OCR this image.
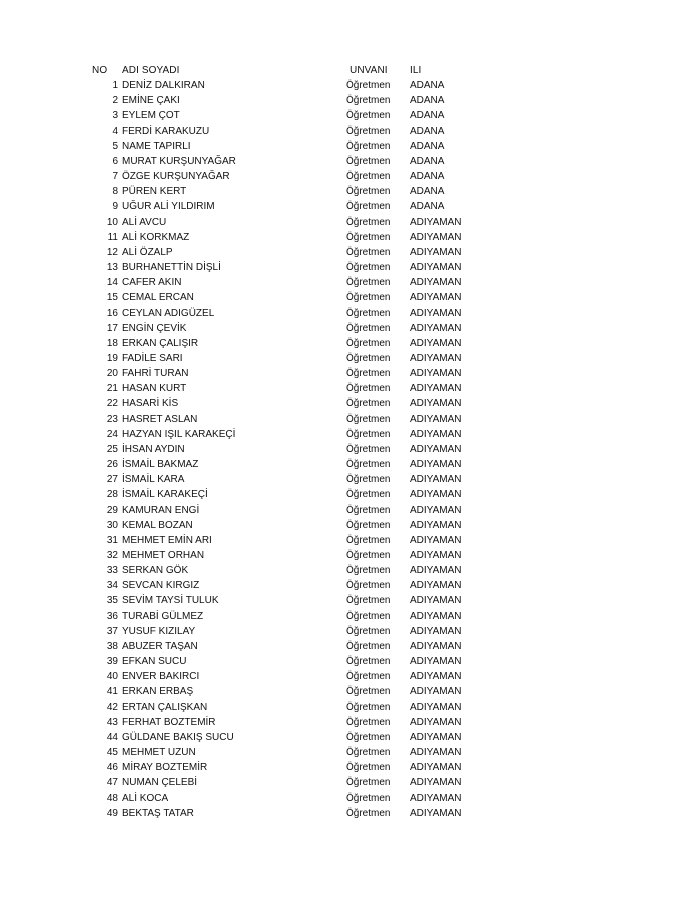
NO ADI SOYADI	UNVANI ILI
1 DENİZ DALKIRAN	Öğretmen ADANA
2 EMİNE ÇAKI	Öğretmen ADANA
3 EYLEM ÇOT	Öğretmen ADANA
4 FERDİ KARAKUZU	Öğretmen ADANA
5 NAME TAPIRLI	Öğretmen ADANA
6 MURAT KURŞUNYAĞAR	Öğretmen ADANA
7 ÖZGE KURŞUNYAĞAR	Öğretmen ADANA
8 PÜREN KERT	Öğretmen ADANA
9 UĞUR ALİ YILDIRIM	Öğretmen ADANA
10 ALİ AVCU	Öğretmen ADIYAMAN
11 ALİ KORKMAZ	Öğretmen ADIYAMAN
12 ALİ ÖZALP	Öğretmen ADIYAMAN
13 BURHANETTİN DİŞLİ	Öğretmen ADIYAMAN
14 CAFER AKIN	Öğretmen ADIYAMAN
15 CEMAL ERCAN	Öğretmen ADIYAMAN
16 CEYLAN ADIGÜZEL	Öğretmen ADIYAMAN
17 ENGİN ÇEVİK	Öğretmen ADIYAMAN
18 ERKAN ÇALIŞIR	Öğretmen ADIYAMAN
19 FADİLE SARI	Öğretmen ADIYAMAN
20 FAHRİ TURAN	Öğretmen ADIYAMAN
21 HASAN KURT	Öğretmen ADIYAMAN
22 HASARİ KİS	Öğretmen ADIYAMAN
23 HASRET ASLAN	Öğretmen ADIYAMAN
24 HAZYAN IŞIL KARAKEÇİ	Öğretmen ADIYAMAN
25 İHSAN AYDIN	Öğretmen ADIYAMAN
26 İSMAİL BAKMAZ	Öğretmen ADIYAMAN
27 İSMAİL KARA	Öğretmen ADIYAMAN
28 İSMAİL KARAKEÇİ	Öğretmen ADIYAMAN
29 KAMURAN ENGİ	Öğretmen ADIYAMAN
30 KEMAL BOZAN	Öğretmen ADIYAMAN
31 MEHMET EMİN ARI	Öğretmen ADIYAMAN
32 MEHMET ORHAN	Öğretmen ADIYAMAN
33 SERKAN GÖK	Öğretmen ADIYAMAN
34 SEVCAN KIRGIZ	Öğretmen ADIYAMAN
35 SEVİM TAYSİ TULUK	Öğretmen ADIYAMAN
36 TURABİ GÜLMEZ	Öğretmen ADIYAMAN
37 YUSUF KIZILAY	Öğretmen ADIYAMAN
38 ABUZER TAŞAN	Öğretmen ADIYAMAN
39 EFKAN SUCU	Öğretmen ADIYAMAN
40 ENVER BAKIRCI	Öğretmen ADIYAMAN
41 ERKAN ERBAŞ	Öğretmen ADIYAMAN
42 ERTAN ÇALIŞKAN	Öğretmen ADIYAMAN
43 FERHAT BOZTEMİR	Öğretmen ADIYAMAN
44 GÜLDANE BAKIŞ SUCU	Öğretmen ADIYAMAN
45 MEHMET UZUN	Öğretmen ADIYAMAN
46 MİRAY BOZTEMİR	Öğretmen ADIYAMAN
47 NUMAN ÇELEBİ	Öğretmen ADIYAMAN
48 ALİ KOCA	Öğretmen ADIYAMAN
49 BEKTAŞ TATAR	Öğretmen ADIYAMAN
